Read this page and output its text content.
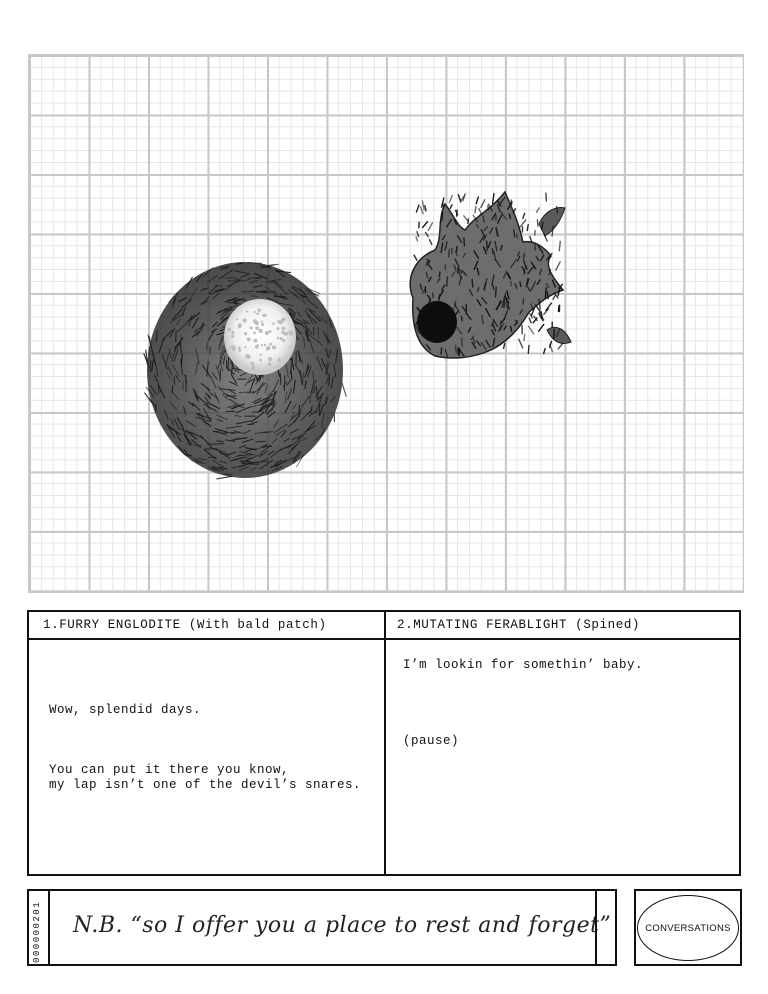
1.FURRY ENGLODITE (With bald patch)	2.MUTATING FERABLIGHT (Spined)
Wow, splendid days.
You can put it there you know,
my lap isn’t one of the devil’s snares.
I’m lookin for somethin’ baby.
(pause)
000000201 N.B. “so I offer you a place to rest and forget”	CONVERSATIONS
